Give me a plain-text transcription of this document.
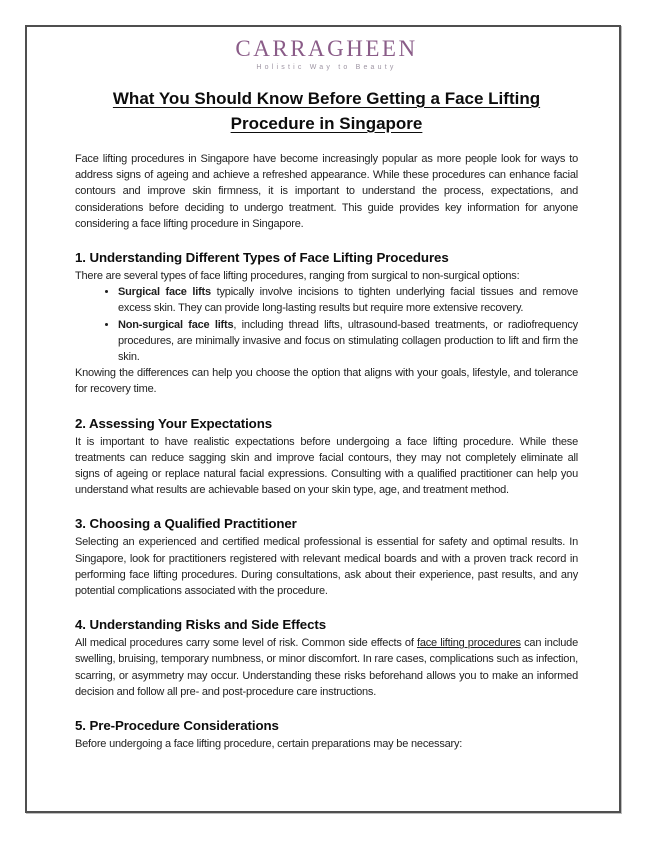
CARRAGHEEN
Holistic Way to Beauty
What You Should Know Before Getting a Face Lifting
Procedure in Singapore

Face lifting procedures in Singapore have become increasingly popular as more people look for ways to address signs of ageing and achieve a refreshed appearance. While these procedures can enhance facial contours and improve skin firmness, it is important to understand the process, expectations, and considerations before deciding to undergo treatment. This guide provides key information for anyone considering a face lifting procedure in Singapore.

1. Understanding Different Types of Face Lifting Procedures

There are several types of face lifting procedures, ranging from surgical to non-surgical options:

• Surgical face lifts typically involve incisions to tighten underlying facial tissues and remove excess skin. They can provide long-lasting results but require more extensive recovery.
• Non-surgical face lifts, including thread lifts, ultrasound-based treatments, or radiofrequency procedures, are minimally invasive and focus on stimulating collagen production to lift and firm the skin.

Knowing the differences can help you choose the option that aligns with your goals, lifestyle, and tolerance for recovery time.

2. Assessing Your Expectations

It is important to have realistic expectations before undergoing a face lifting procedure. While these treatments can reduce sagging skin and improve facial contours, they may not completely eliminate all signs of ageing or replace natural facial expressions. Consulting with a qualified practitioner can help you understand what results are achievable based on your skin type, age, and treatment method.

3. Choosing a Qualified Practitioner

Selecting an experienced and certified medical professional is essential for safety and optimal results. In Singapore, look for practitioners registered with relevant medical boards and with a proven track record in performing face lifting procedures. During consultations, ask about their experience, past results, and any potential complications associated with the procedure.

4. Understanding Risks and Side Effects

All medical procedures carry some level of risk. Common side effects of face lifting procedures can include swelling, bruising, temporary numbness, or minor discomfort. In rare cases, complications such as infection, scarring, or asymmetry may occur. Understanding these risks beforehand allows you to make an informed decision and follow all pre- and post-procedure care instructions.

5. Pre-Procedure Considerations

Before undergoing a face lifting procedure, certain preparations may be necessary:
